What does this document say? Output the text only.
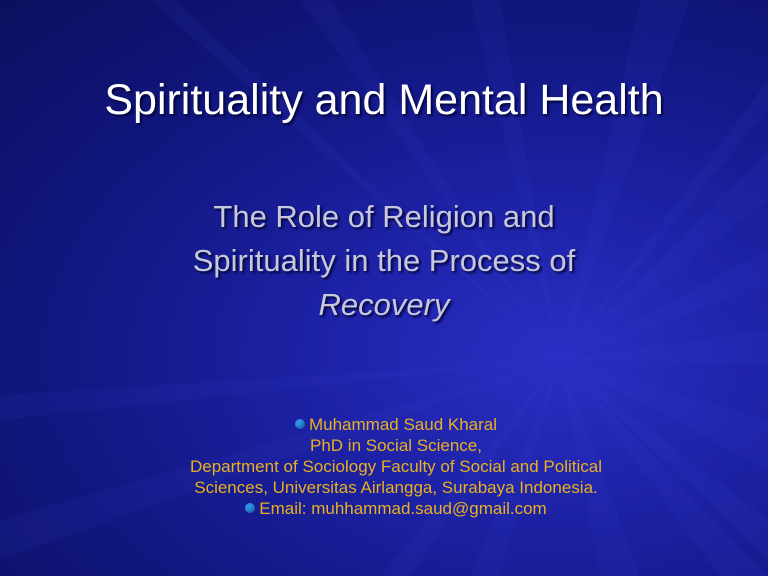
Spirituality and Mental Health
The Role of Religion and
Spirituality in the Process of
Recovery
Muhammad Saud Kharal
PhD in Social Science,
Department of Sociology Faculty of Social and Political
Sciences, Universitas Airlangga, Surabaya Indonesia.
Email: muhhammad.saud@gmail.com
